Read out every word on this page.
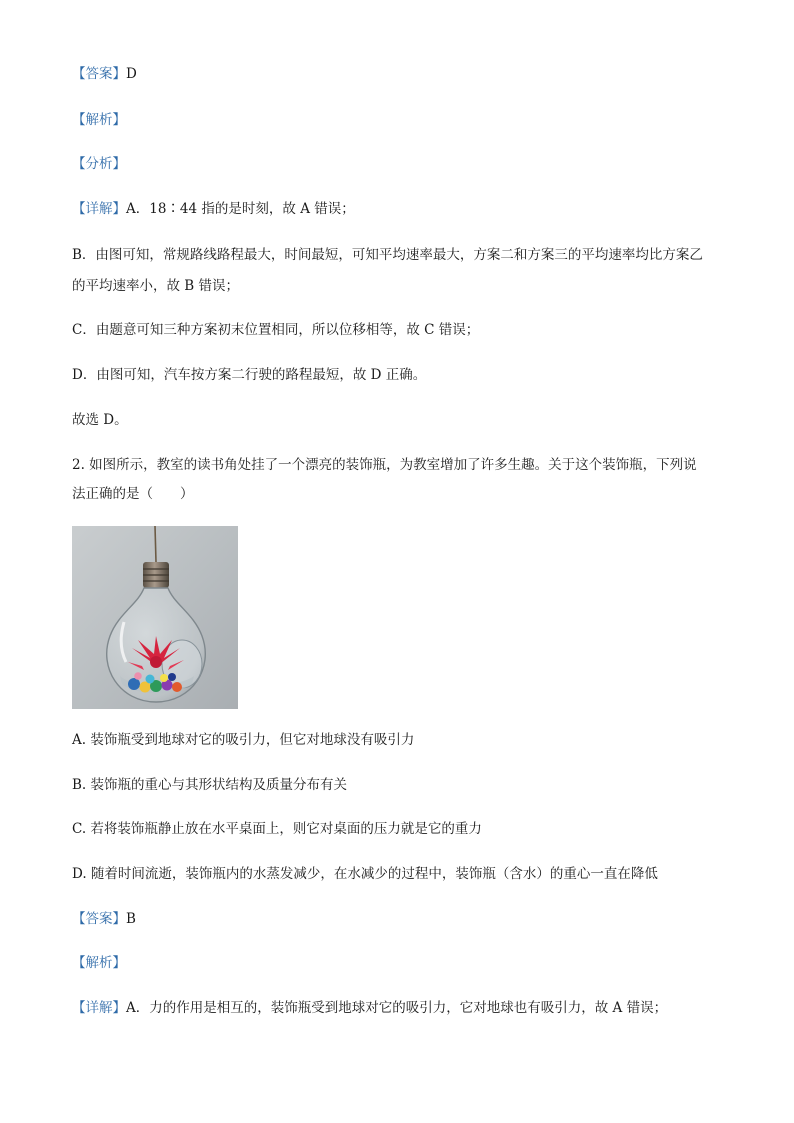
【答案】D
【解析】
【分析】
【详解】A．18∶44 指的是时刻，故 A 错误；
B．由图可知，常规路线路程最大，时间最短，可知平均速率最大，方案二和方案三的平均速率均比方案乙
的平均速率小，故 B 错误；
C．由题意可知三种方案初末位置相同，所以位移相等，故 C 错误；
D．由图可知，汽车按方案二行驶的路程最短，故 D 正确。
故选 D。
2. 如图所示，教室的读书角处挂了一个漂亮的装饰瓶，为教室增加了许多生趣。关于这个装饰瓶，下列说
法正确的是（　　）
A. 装饰瓶受到地球对它的吸引力，但它对地球没有吸引力
B. 装饰瓶的重心与其形状结构及质量分布有关
C. 若将装饰瓶静止放在水平桌面上，则它对桌面的压力就是它的重力
D. 随着时间流逝，装饰瓶内的水蒸发减少，在水减少的过程中，装饰瓶（含水）的重心一直在降低
【答案】B
【解析】
【详解】A．力的作用是相互的，装饰瓶受到地球对它的吸引力，它对地球也有吸引力，故 A 错误；
